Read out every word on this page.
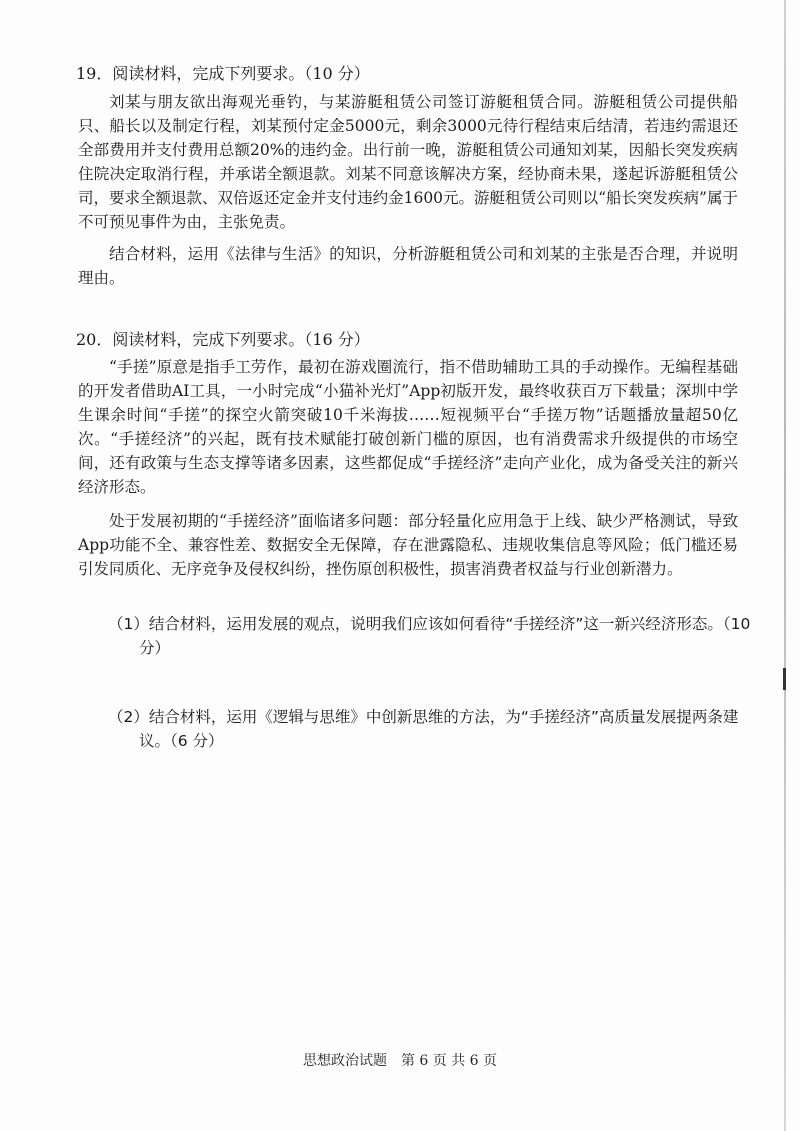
19．阅读材料，完成下列要求。（10 分）
刘某与朋友欲出海观光垂钓，与某游艇租赁公司签订游艇租赁合同。游艇租赁公司提供船只、船长以及制定行程，刘某预付定金5000元，剩余3000元待行程结束后结清，若违约需退还全部费用并支付费用总额20%的违约金。出行前一晚，游艇租赁公司通知刘某，因船长突发疾病住院决定取消行程，并承诺全额退款。刘某不同意该解决方案，经协商未果，遂起诉游艇租赁公司，要求全额退款、双倍返还定金并支付违约金1600元。游艇租赁公司则以“船长突发疾病”属于不可预见事件为由，主张免责。
结合材料，运用《法律与生活》的知识，分析游艇租赁公司和刘某的主张是否合理，并说明理由。
20．阅读材料，完成下列要求。（16 分）
“手搓”原意是指手工劳作，最初在游戏圈流行，指不借助辅助工具的手动操作。无编程基础的开发者借助AI工具，一小时完成“小猫补光灯”App初版开发，最终收获百万下载量；深圳中学生课余时间“手搓”的探空火箭突破10千米海拔……短视频平台“手搓万物”话题播放量超50亿次。“手搓经济”的兴起，既有技术赋能打破创新门槛的原因，也有消费需求升级提供的市场空间，还有政策与生态支撑等诸多因素，这些都促成“手搓经济”走向产业化，成为备受关注的新兴经济形态。
处于发展初期的“手搓经济”面临诸多问题：部分轻量化应用急于上线、缺少严格测试，导致App功能不全、兼容性差、数据安全无保障，存在泄露隐私、违规收集信息等风险；低门槛还易引发同质化、无序竞争及侵权纠纷，挫伤原创积极性，损害消费者权益与行业创新潜力。
（1）结合材料，运用发展的观点，说明我们应该如何看待“手搓经济”这一新兴经济形态。（10 分）
（2）结合材料，运用《逻辑与思维》中创新思维的方法，为“手搓经济”高质量发展提两条建议。（6 分）
思想政治试题　第 6 页 共 6 页
